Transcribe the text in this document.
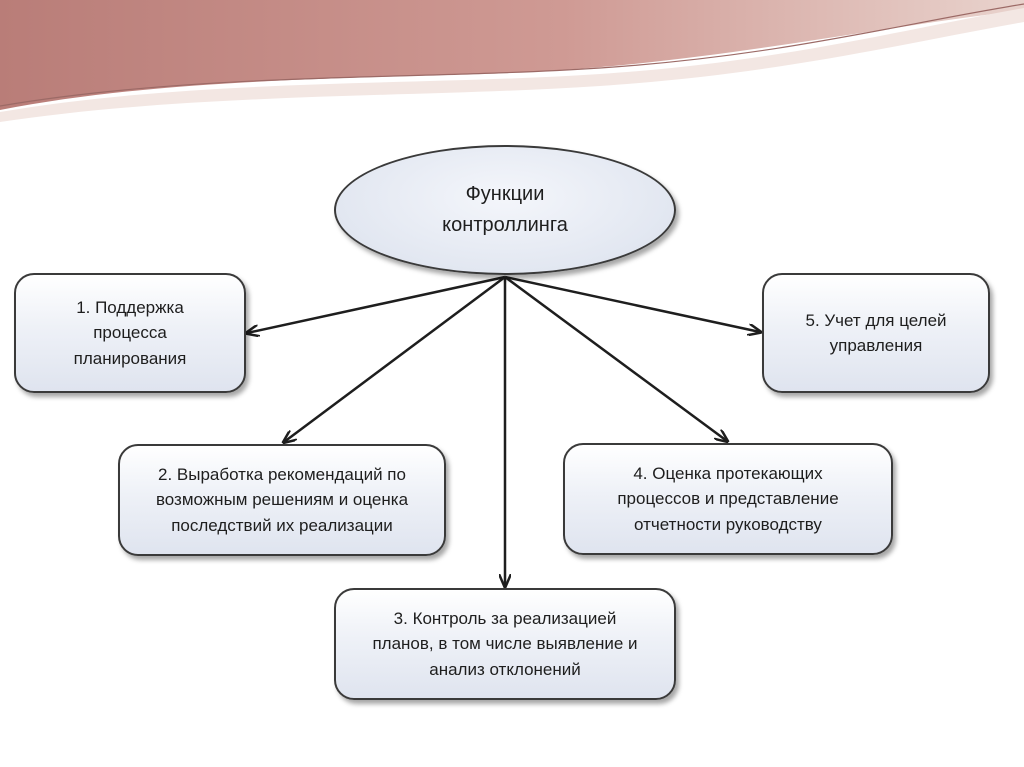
Функции
контроллинга
1. Поддержка
процесса
планирования
2. Выработка рекомендаций по
возможным решениям и оценка
последствий их реализации
3. Контроль за реализацией
планов, в том числе выявление и
анализ отклонений
4. Оценка протекающих
процессов и представление
отчетности руководству
5. Учет для целей
управления
